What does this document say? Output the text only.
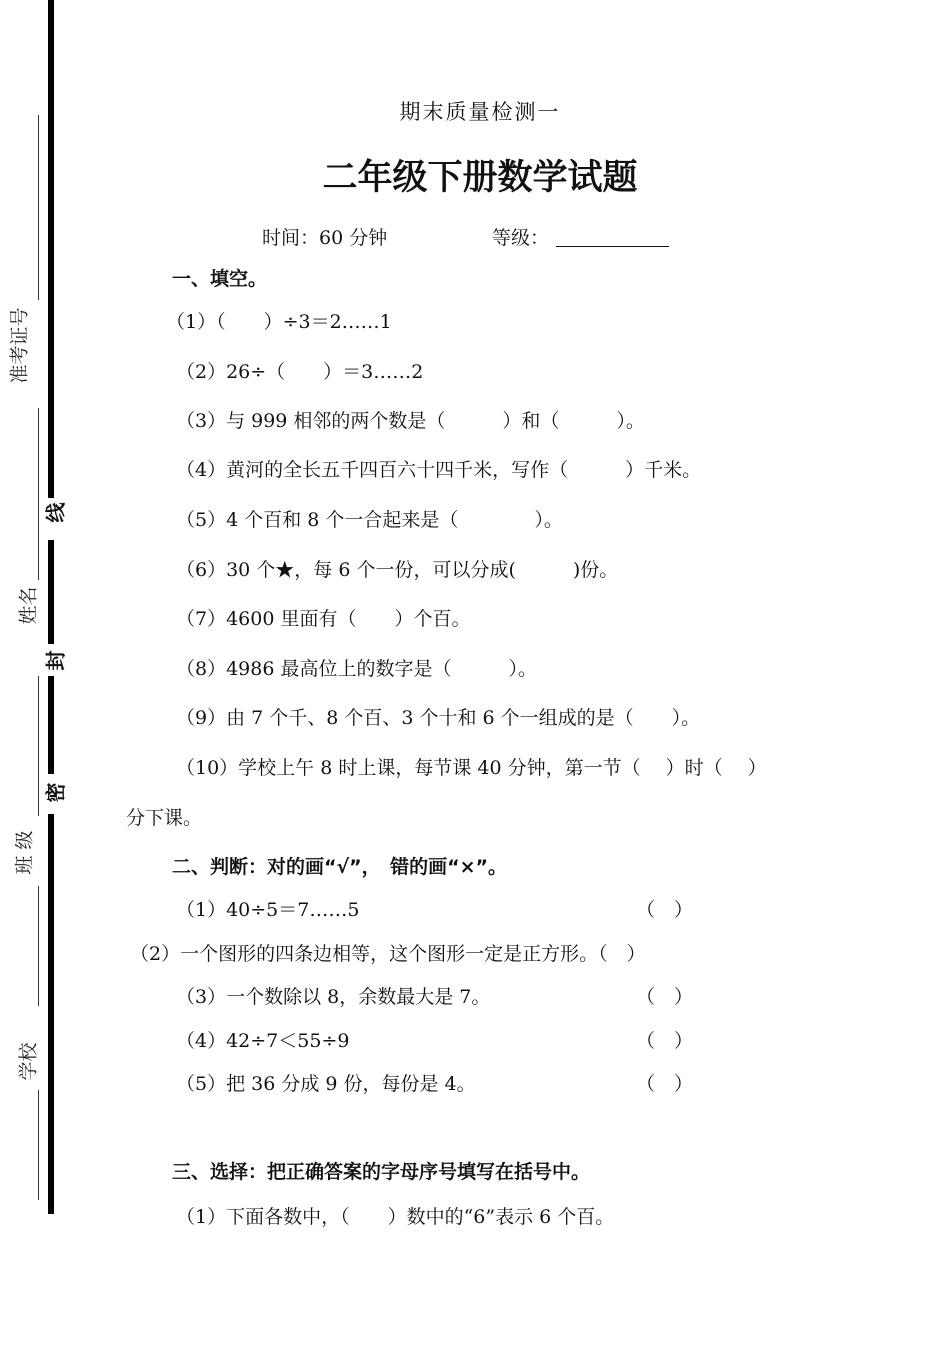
线
封
密
准考证号
姓名
班 级
学校
期末质量检测一
二年级下册数学试题
时间：60 分钟	等级：
一、填空。
（1）（　　）÷3＝2……1
（2）26÷（　　）＝3……2
（3）与 999 相邻的两个数是（　　　）和（　　　）。
（4）黄河的全长五千四百六十四千米，写作（　　　）千米。
（5）4 个百和 8 个一合起来是（　　　　）。
（6）30 个★，每 6 个一份，可以分成(　　　)份。
（7）4600 里面有（　　）个百。
（8）4986 最高位上的数字是（　　　）。
（9）由 7 个千、8 个百、3 个十和 6 个一组成的是（　　）。
（10）学校上午 8 时上课，每节课 40 分钟，第一节（　 ）时（　 ）
分下课。
二、判断：对的画“√”，　错的画“×”。
（1）40÷5＝7……5	（　）
（2）一个图形的四条边相等，这个图形一定是正方形。（　）
（3）一个数除以 8，余数最大是 7。	（　）
（4）42÷7＜55÷9	（　）
（5）把 36 分成 9 份，每份是 4。	（　）
三、选择：把正确答案的字母序号填写在括号中。
（1）下面各数中，（　　）数中的“6”表示 6 个百。
